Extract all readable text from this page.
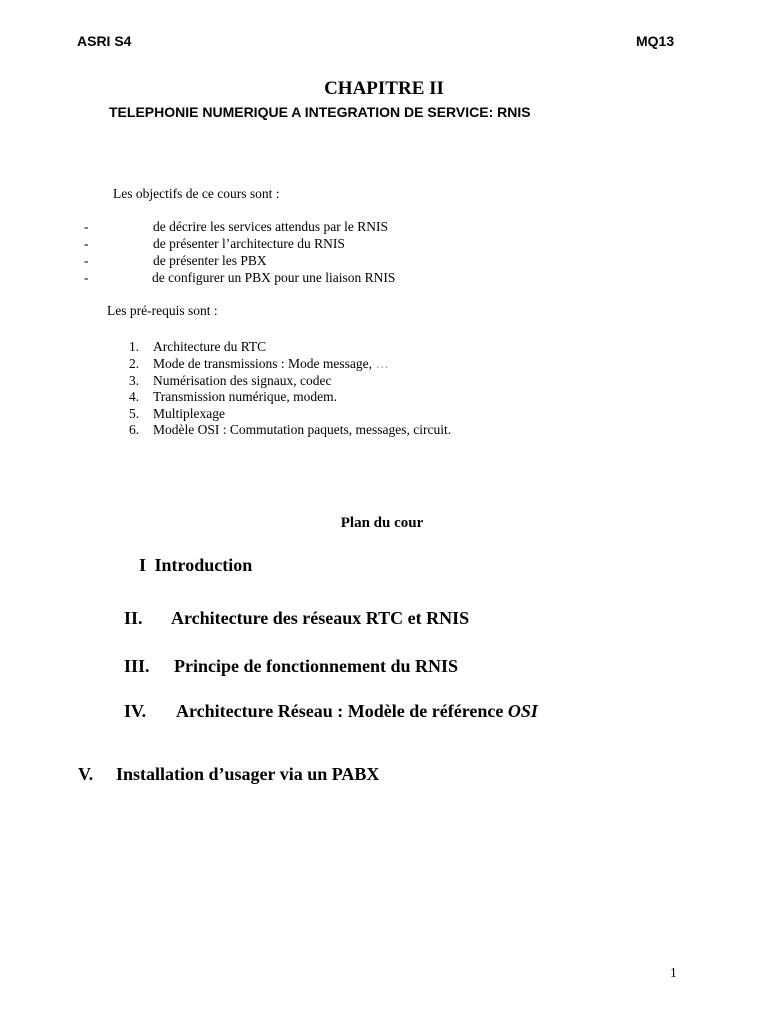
ASRI S4	MQ13
CHAPITRE II
TELEPHONIE NUMERIQUE A INTEGRATION DE SERVICE: RNIS
Les objectifs de ce cours sont :
-	de décrire les services attendus par le RNIS
-	de présenter l’architecture du RNIS
-	de présenter les PBX
-	de configurer un PBX pour une liaison RNIS
Les pré-requis sont :
1. Architecture du RTC
2. Mode de transmissions : Mode message, …
3. Numérisation des signaux, codec
4. Transmission numérique, modem.
5. Multiplexage
6. Modèle OSI : Commutation paquets, messages, circuit.
Plan du cour
I Introduction
II. Architecture des réseaux RTC et RNIS
III. Principe de fonctionnement du RNIS
IV. Architecture Réseau : Modèle de référence OSI
V. Installation d’usager via un PABX
1
